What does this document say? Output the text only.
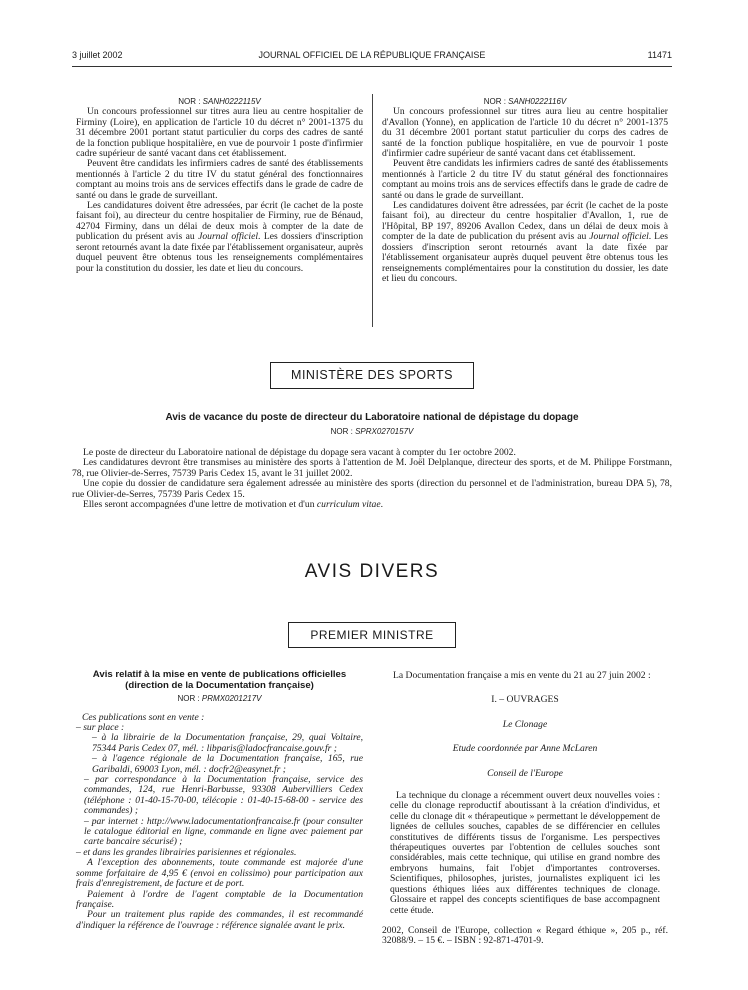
3 juillet 2002	JOURNAL OFFICIEL DE LA RÉPUBLIQUE FRANÇAISE	11471

NOR : SANH0222115V

Un concours professionnel sur titres aura lieu au centre hospitalier de Firminy (Loire), en application de l'article 10 du décret n° 2001-1375 du 31 décembre 2001 portant statut particulier du corps des cadres de santé de la fonction publique hospitalière, en vue de pourvoir 1 poste d'infirmier cadre supérieur de santé vacant dans cet établissement.

Peuvent être candidats les infirmiers cadres de santé des établissements mentionnés à l'article 2 du titre IV du statut général des fonctionnaires comptant au moins trois ans de services effectifs dans le grade de cadre de santé ou dans le grade de surveillant.

Les candidatures doivent être adressées, par écrit (le cachet de la poste faisant foi), au directeur du centre hospitalier de Firminy, rue de Bénaud, 42704 Firminy, dans un délai de deux mois à compter de la date de publication du présent avis au Journal officiel. Les dossiers d'inscription seront retournés avant la date fixée par l'établissement organisateur, auprès duquel peuvent être obtenus tous les renseignements complémentaires pour la constitution du dossier, les date et lieu du concours.

NOR : SANH0222116V

Un concours professionnel sur titres aura lieu au centre hospitalier d'Avallon (Yonne), en application de l'article 10 du décret n° 2001-1375 du 31 décembre 2001 portant statut particulier du corps des cadres de santé de la fonction publique hospitalière, en vue de pourvoir 1 poste d'infirmier cadre supérieur de santé vacant dans cet établissement.

Peuvent être candidats les infirmiers cadres de santé des établissements mentionnés à l'article 2 du titre IV du statut général des fonctionnaires comptant au moins trois ans de services effectifs dans le grade de cadre de santé ou dans le grade de surveillant.

Les candidatures doivent être adressées, par écrit (le cachet de la poste faisant foi), au directeur du centre hospitalier d'Avallon, 1, rue de l'Hôpital, BP 197, 89206 Avallon Cedex, dans un délai de deux mois à compter de la date de publication du présent avis au Journal officiel. Les dossiers d'inscription seront retournés avant la date fixée par l'établissement organisateur auprès duquel peuvent être obtenus tous les renseignements complémentaires pour la constitution du dossier, les date et lieu du concours.

MINISTÈRE DES SPORTS
Avis de vacance du poste de directeur du Laboratoire national de dépistage du dopage
NOR : SPRX0270157V

Le poste de directeur du Laboratoire national de dépistage du dopage sera vacant à compter du 1er octobre 2002.

Les candidatures devront être transmises au ministère des sports à l'attention de M. Joël Delplanque, directeur des sports, et de M. Philippe Forstmann, 78, rue Olivier-de-Serres, 75739 Paris Cedex 15, avant le 31 juillet 2002.

Une copie du dossier de candidature sera également adressée au ministère des sports (direction du personnel et de l'administration, bureau DPA 5), 78, rue Olivier-de-Serres, 75739 Paris Cedex 15.

Elles seront accompagnées d'une lettre de motivation et d'un curriculum vitae.

AVIS DIVERS
PREMIER MINISTRE
Avis relatif à la mise en vente de publications officielles
(direction de la Documentation française)
NOR : PRMX0201217V

Ces publications sont en vente :

– sur place :

– à la librairie de la Documentation française, 29, quai Voltaire, 75344 Paris Cedex 07, mél. : libparis@ladocfrancaise.gouv.fr ;

– à l'agence régionale de la Documentation française, 165, rue Garibaldi, 69003 Lyon, mél. : docfr2@easynet.fr ;

– par correspondance à la Documentation française, service des commandes, 124, rue Henri-Barbusse, 93308 Aubervilliers Cedex (téléphone : 01-40-15-70-00, télécopie : 01-40-15-68-00 - service des commandes) ;

– par internet : http://www.ladocumentationfrancaise.fr (pour consulter le catalogue éditorial en ligne, commande en ligne avec paiement par carte bancaire sécurisé) ;

– et dans les grandes librairies parisiennes et régionales.

A l'exception des abonnements, toute commande est majorée d'une somme forfaitaire de 4,95 € (envoi en colissimo) pour participation aux frais d'enregistrement, de facture et de port.

Paiement à l'ordre de l'agent comptable de la Documentation française.

Pour un traitement plus rapide des commandes, il est recommandé d'indiquer la référence de l'ouvrage : référence signalée avant le prix.

La Documentation française a mis en vente du 21 au 27 juin 2002 :

I. – OUVRAGES

Le Clonage

Etude coordonnée par Anne McLaren

Conseil de l'Europe

La technique du clonage a récemment ouvert deux nouvelles voies : celle du clonage reproductif aboutissant à la création d'individus, et celle du clonage dit « thérapeutique » permettant le développement de lignées de cellules souches, capables de se différencier en cellules constitutives de différents tissus de l'organisme. Les perspectives thérapeutiques ouvertes par l'obtention de cellules souches sont considérables, mais cette technique, qui utilise en grand nombre des embryons humains, fait l'objet d'importantes controverses. Scientifiques, philosophes, juristes, journalistes expliquent ici les questions éthiques liées aux différentes techniques de clonage. Glossaire et rappel des concepts scientifiques de base accompagnent cette étude.

2002, Conseil de l'Europe, collection « Regard éthique », 205 p., réf. 32088/9. – 15 €. – ISBN : 92-871-4701-9.
